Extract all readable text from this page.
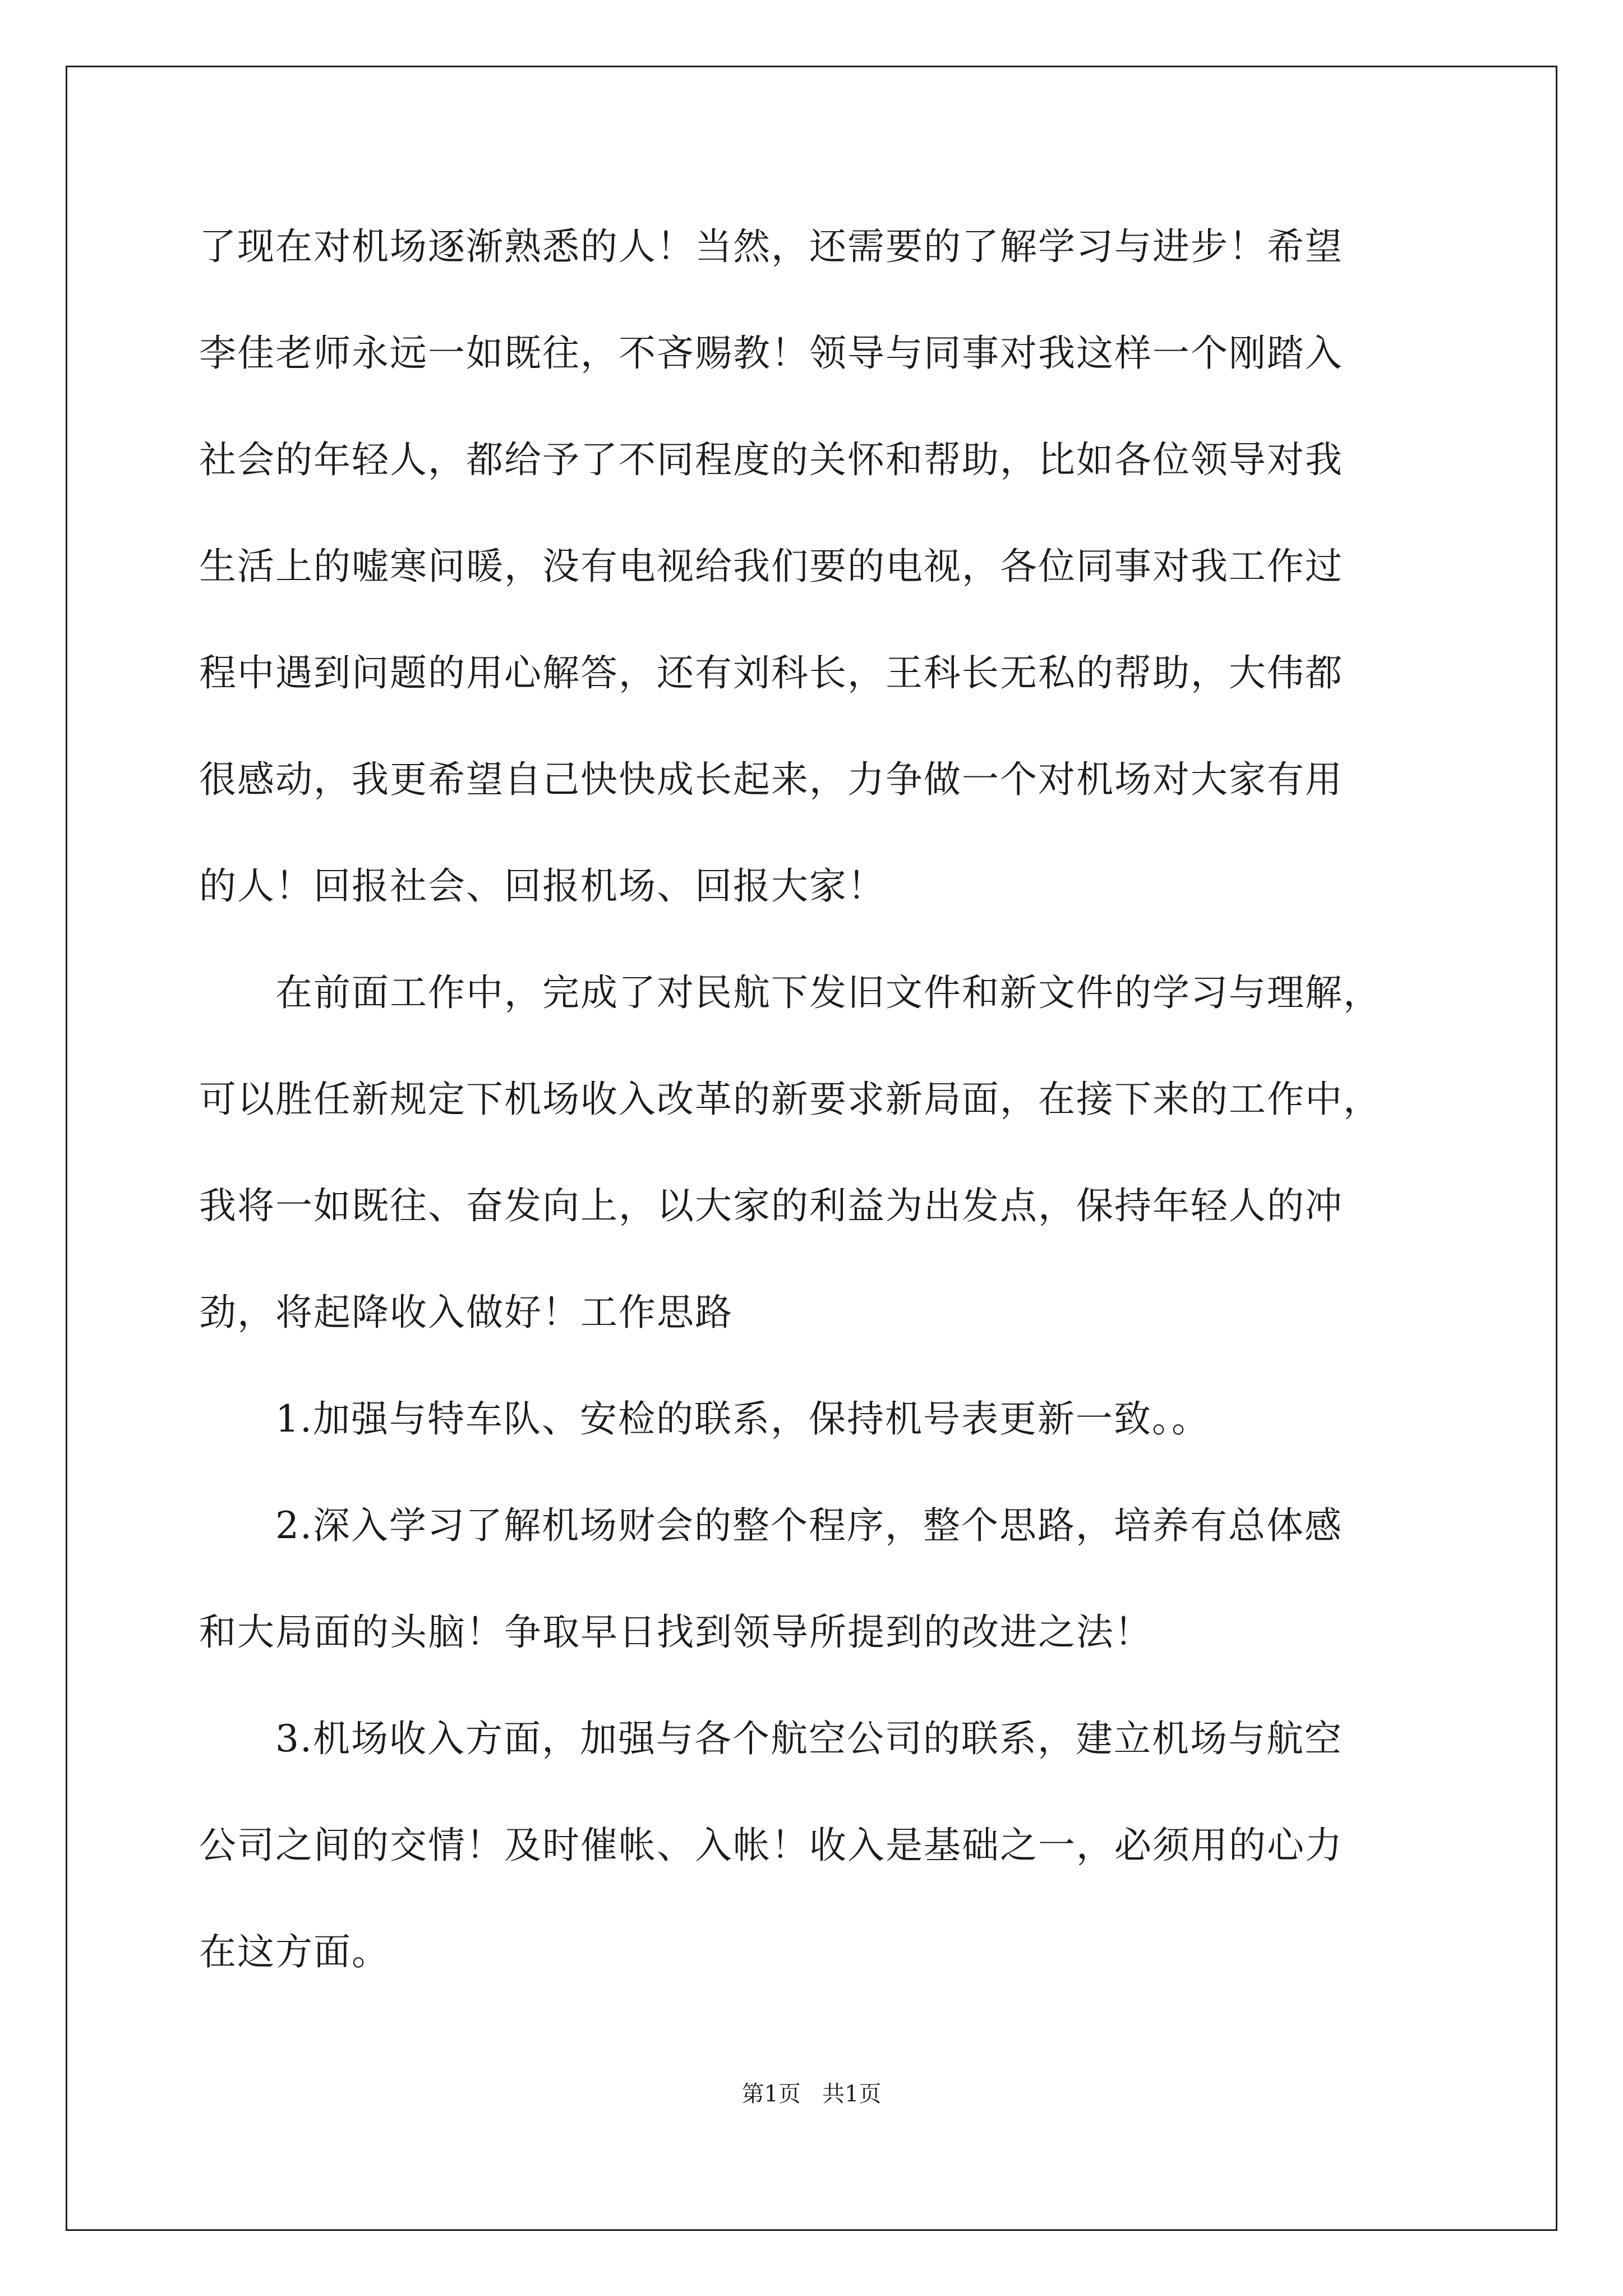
了现在对机场逐渐熟悉的人！当然，还需要的了解学习与进步！希望
李佳老师永远一如既往，不吝赐教！领导与同事对我这样一个刚踏入
社会的年轻人，都给予了不同程度的关怀和帮助，比如各位领导对我
生活上的嘘寒问暖，没有电视给我们要的电视，各位同事对我工作过
程中遇到问题的用心解答，还有刘科长，王科长无私的帮助，大伟都
很感动，我更希望自己快快成长起来，力争做一个对机场对大家有用
的人！回报社会、回报机场、回报大家！
在前面工作中，完成了对民航下发旧文件和新文件的学习与理解，
可以胜任新规定下机场收入改革的新要求新局面，在接下来的工作中，
我将一如既往、奋发向上，以大家的利益为出发点，保持年轻人的冲
劲，将起降收入做好！工作思路
1.加强与特车队、安检的联系，保持机号表更新一致。。
2.深入学习了解机场财会的整个程序，整个思路，培养有总体感
和大局面的头脑！争取早日找到领导所提到的改进之法！
3.机场收入方面，加强与各个航空公司的联系，建立机场与航空
公司之间的交情！及时催帐、入帐！收入是基础之一，必须用的心力
在这方面。
第1页   共1页
